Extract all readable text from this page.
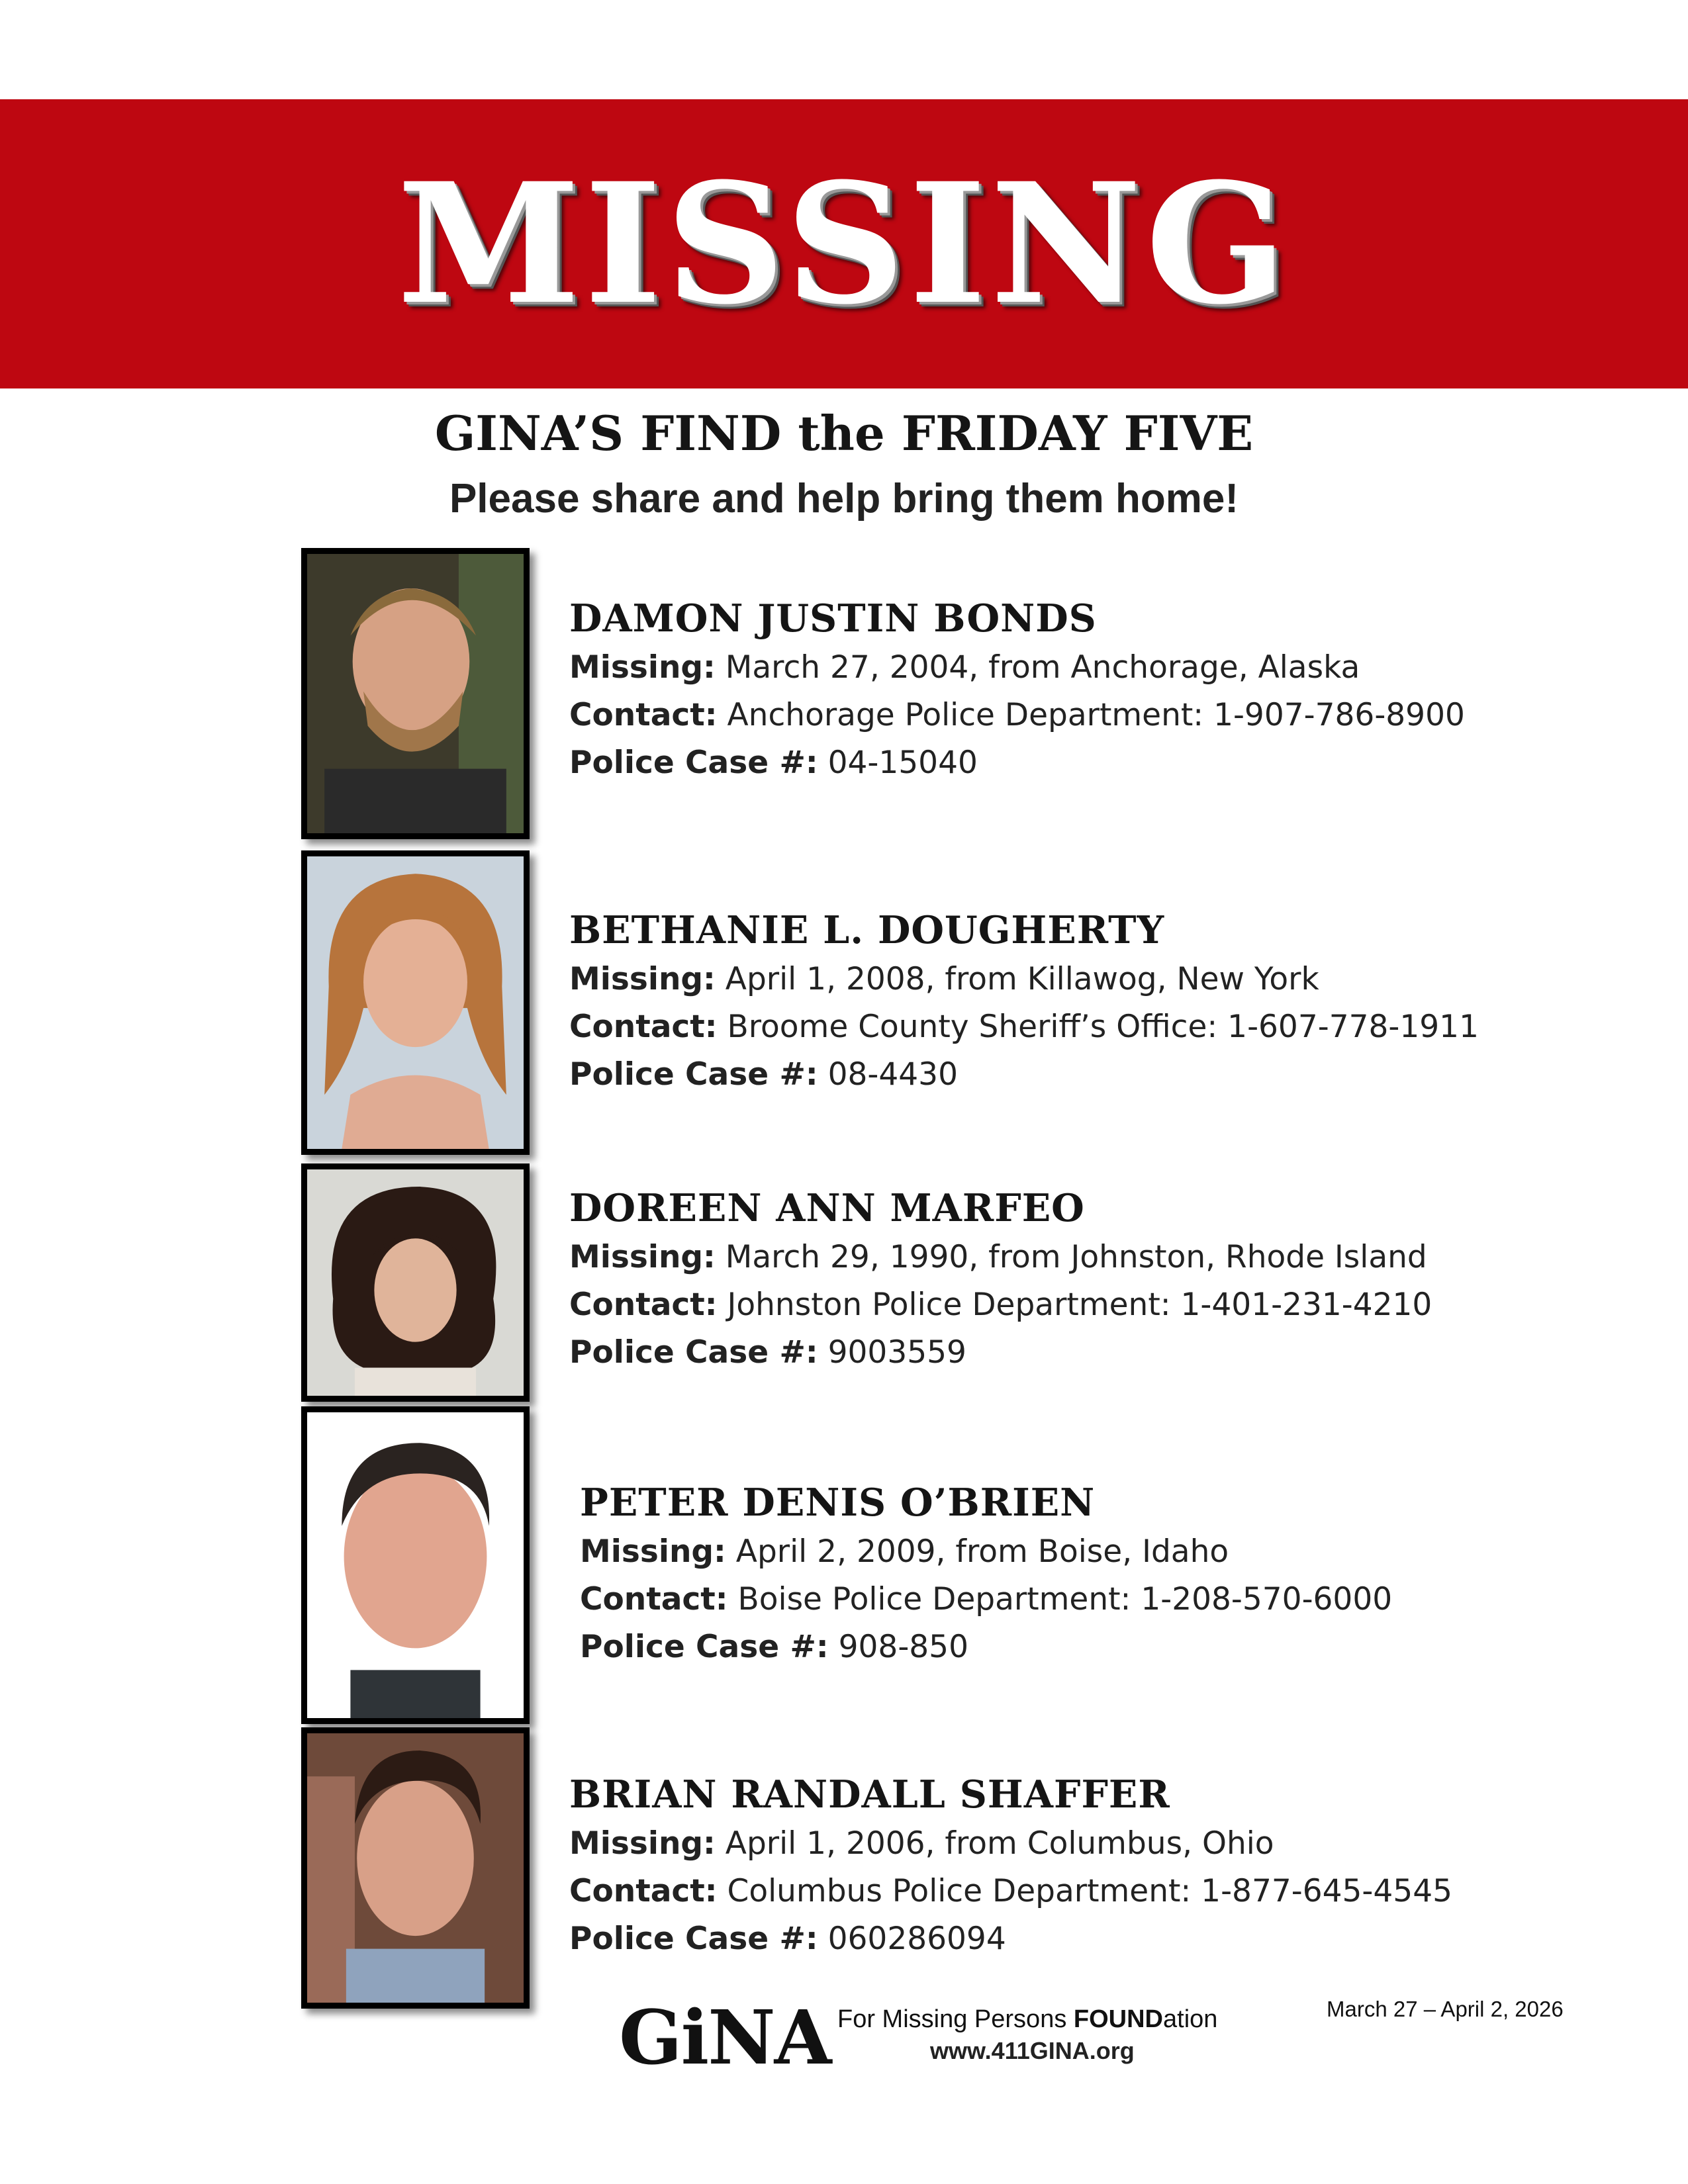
MISSING
GINA’S FIND the FRIDAY FIVE
Please share and help bring them home!
DAMON JUSTIN BONDS
Missing: March 27, 2004, from Anchorage, Alaska
Contact: Anchorage Police Department: 1-907-786-8900
Police Case #: 04-15040
BETHANIE L. DOUGHERTY
Missing: April 1, 2008, from Killawog, New York
Contact: Broome County Sheriff’s Office: 1-607-778-1911
Police Case #: 08-4430
DOREEN ANN MARFEO
Missing: March 29, 1990, from Johnston, Rhode Island
Contact: Johnston Police Department: 1-401-231-4210
Police Case #: 9003559
PETER DENIS O’BRIEN
Missing: April 2, 2009, from Boise, Idaho
Contact: Boise Police Department: 1-208-570-6000
Police Case #: 908-850
BRIAN RANDALL SHAFFER
Missing: April 1, 2006, from Columbus, Ohio
Contact: Columbus Police Department: 1-877-645-4545
Police Case #: 060286094
GiNA For Missing Persons FOUNDation
www.411GINA.org
March 27 – April 2, 2026
